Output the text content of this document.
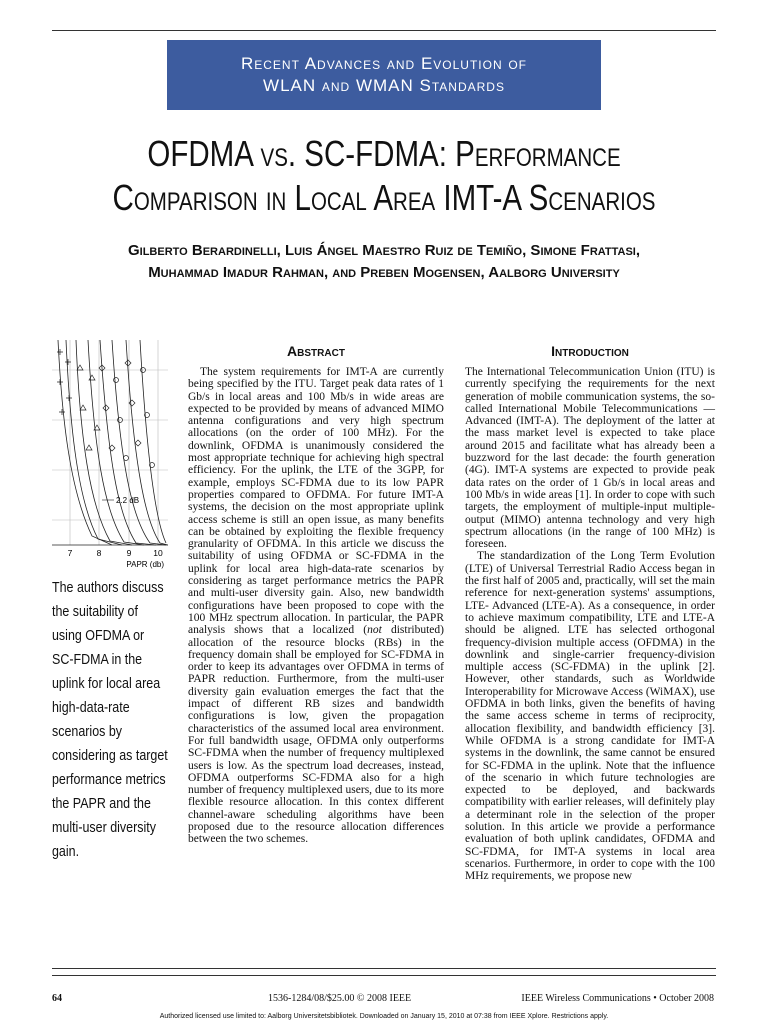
Recent Advances and Evolution of
WLAN and WMAN Standards
OFDMA vs. SC-FDMA: Performance
Comparison in Local Area IMT-A Scenarios
Gilberto Berardinelli, Luis Ángel Maestro Ruiz de Temiño, Simone Frattasi,
Muhammad Imadur Rahman, and Preben Mogensen, Aalborg University
2.2 dB
7	8	9	10
PAPR (db)
The authors discuss the suitability of using OFDMA or SC-FDMA in the uplink for local area high-data-rate scenarios by considering as target performance metrics the PAPR and the multi-user diversity gain.
Abstract

The system requirements for IMT-A are currently being specified by the ITU. Target peak data rates of 1 Gb/s in local areas and 100 Mb/s in wide areas are expected to be provided by means of advanced MIMO antenna configurations and very high spectrum allocations (on the order of 100 MHz). For the downlink, OFDMA is unanimously considered the most appropriate technique for achieving high spectral efficiency. For the uplink, the LTE of the 3GPP, for example, employs SC-FDMA due to its low PAPR properties compared to OFDMA. For future IMT-A systems, the decision on the most appropriate uplink access scheme is still an open issue, as many benefits can be obtained by exploiting the flexible frequency granularity of OFDMA. In this article we discuss the suitability of using OFDMA or SC-FDMA in the uplink for local area high-data-rate scenarios by considering as target performance metrics the PAPR and multi-user diversity gain. Also, new bandwidth configurations have been proposed to cope with the 100 MHz spectrum allocation. In particular, the PAPR analysis shows that a localized (not distributed) allocation of the resource blocks (RBs) in the frequency domain shall be employed for SC-FDMA in order to keep its advantages over OFDMA in terms of PAPR reduction. Furthermore, from the multi-user diversity gain evaluation emerges the fact that the impact of different RB sizes and bandwidth configurations is low, given the propagation characteristics of the assumed local area environment. For full bandwidth usage, OFDMA only outperforms SC-FDMA when the number of frequency multiplexed users is low. As the spectrum load decreases, instead, OFDMA outperforms SC-FDMA also for a high number of frequency multiplexed users, due to its more flexible resource allocation. In this contex different channel-aware scheduling algorithms have been proposed due to the resource allocation differences between the two schemes.

Introduction

The International Telecommunication Union (ITU) is currently specifying the requirements for the next generation of mobile communication systems, the so-called International Mobile Telecommunications — Advanced (IMT-A). The deployment of the latter at the mass market level is expected to take place around 2015 and facilitate what has already been a buzzword for the last decade: the fourth generation (4G). IMT-A systems are expected to provide peak data rates on the order of 1 Gb/s in local areas and 100 Mb/s in wide areas [1]. In order to cope with such targets, the employment of multiple-input multiple-output (MIMO) antenna technology and very high spectrum allocations (in the range of 100 MHz) is foreseen.

The standardization of the Long Term Evolution (LTE) of Universal Terrestrial Radio Access began in the first half of 2005 and, practically, will set the main reference for next-generation systems' assumptions, LTE- Advanced (LTE-A). As a consequence, in order to achieve maximum compatibility, LTE and LTE-A should be aligned. LTE has selected orthogonal frequency-division multiple access (OFDMA) in the downlink and single-carrier frequency-division multiple access (SC-FDMA) in the uplink [2]. However, other standards, such as Worldwide Interoperability for Microwave Access (WiMAX), use OFDMA in both links, given the benefits of having the same access scheme in terms of reciprocity, allocation flexibility, and bandwidth efficiency [3]. While OFDMA is a strong candidate for IMT-A systems in the downlink, the same cannot be ensured for SC-FDMA in the uplink. Note that the influence of the scenario in which future technologies are expected to be deployed, and backwards compatibility with earlier releases, will definitely play a determinant role in the selection of the proper solution. In this article we provide a performance evaluation of both uplink candidates, OFDMA and SC-FDMA, for IMT-A systems in local area scenarios. Furthermore, in order to cope with the 100 MHz requirements, we propose new

64	1536-1284/08/$25.00 © 2008 IEEE	IEEE Wireless Communications • October 2008
Authorized licensed use limited to: Aalborg Universitetsbibliotek. Downloaded on January 15, 2010 at 07:38 from IEEE Xplore. Restrictions apply.
